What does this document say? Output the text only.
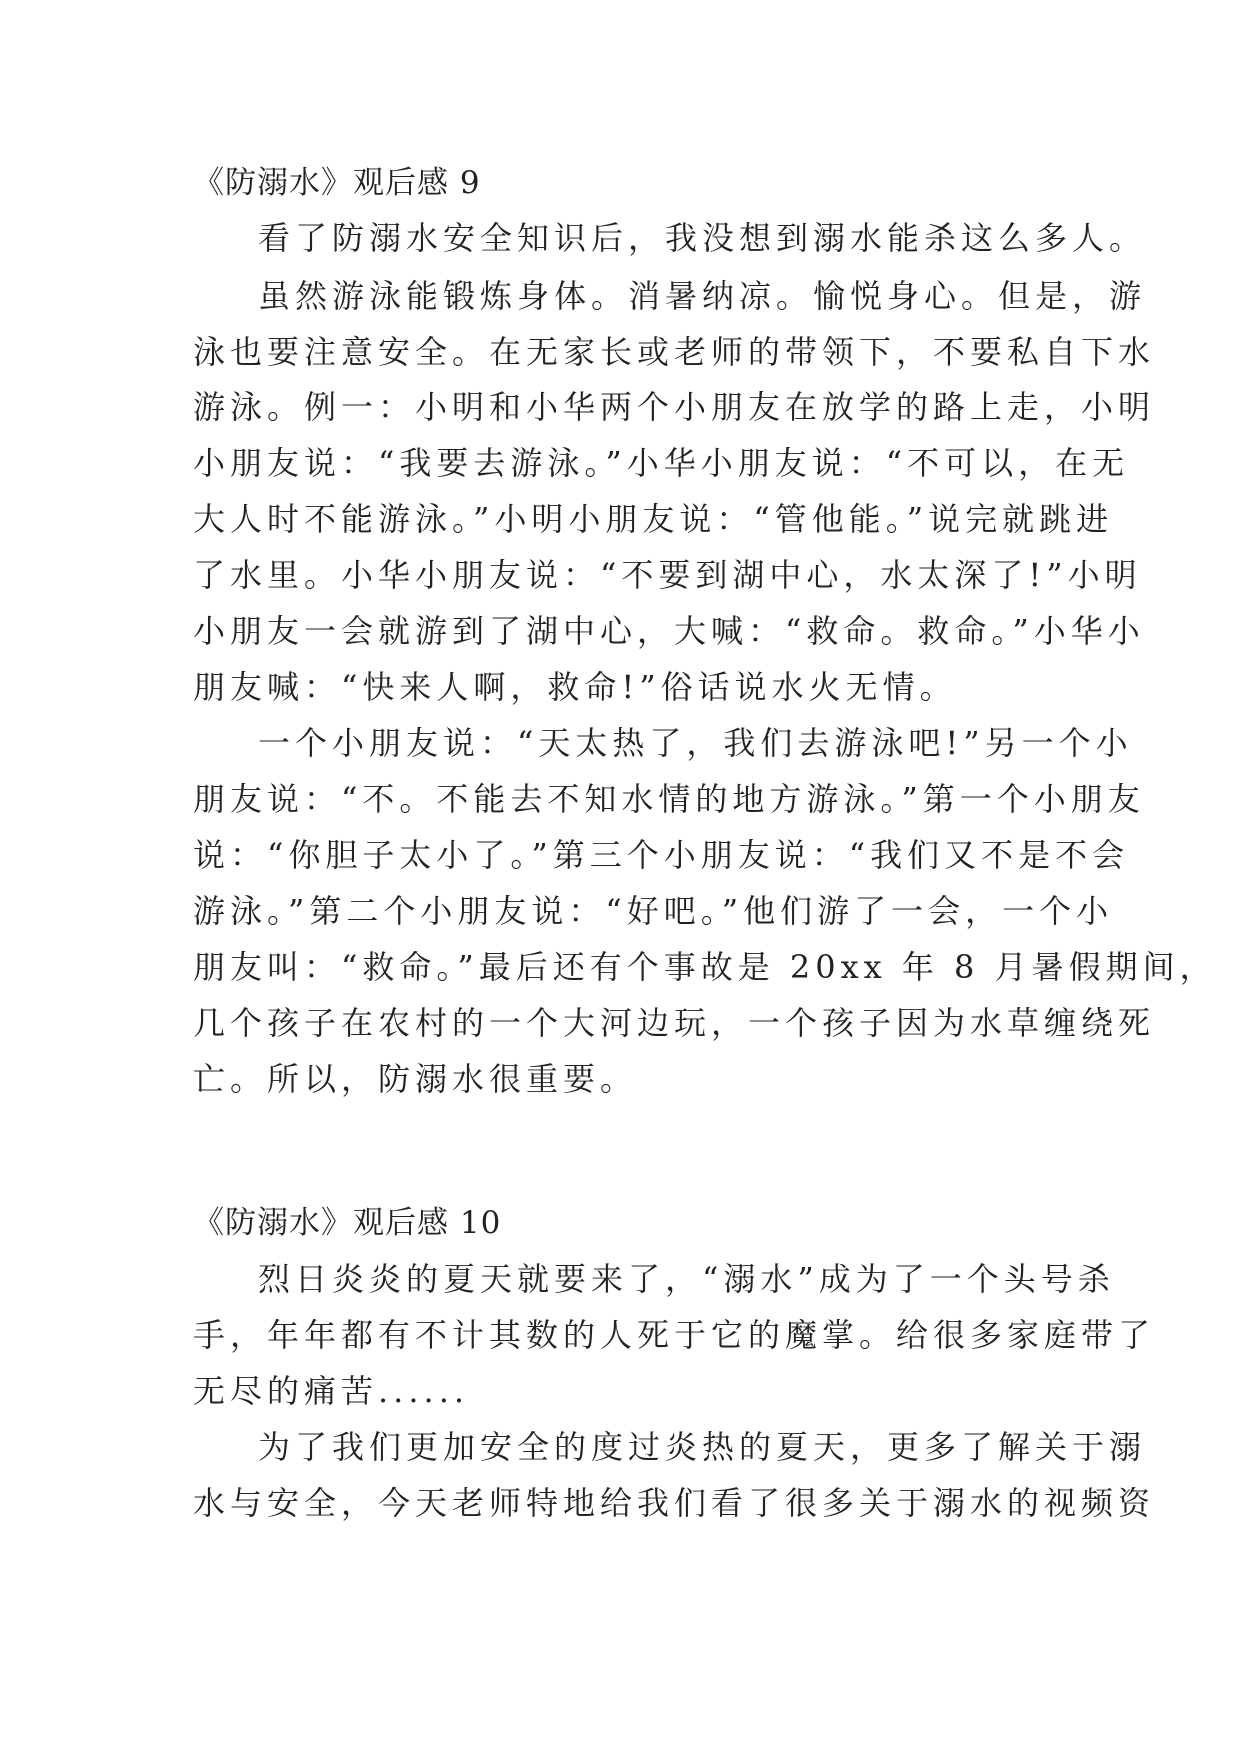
《防溺水》观后感 9
看了防溺水安全知识后，我没想到溺水能杀这么多人。
虽然游泳能锻炼身体。消暑纳凉。愉悦身心。但是，游
泳也要注意安全。在无家长或老师的带领下，不要私自下水
游泳。例一：小明和小华两个小朋友在放学的路上走，小明
小朋友说：“我要去游泳。”小华小朋友说：“不可以，在无
大人时不能游泳。”小明小朋友说：“管他能。”说完就跳进
了水里。小华小朋友说：“不要到湖中心，水太深了!”小明
小朋友一会就游到了湖中心，大喊：“救命。救命。”小华小
朋友喊：“快来人啊，救命!”俗话说水火无情。
一个小朋友说：“天太热了，我们去游泳吧!”另一个小
朋友说：“不。不能去不知水情的地方游泳。”第一个小朋友
说：“你胆子太小了。”第三个小朋友说：“我们又不是不会
游泳。”第二个小朋友说：“好吧。”他们游了一会，一个小
朋友叫：“救命。”最后还有个事故是 20xx 年 8 月暑假期间，
几个孩子在农村的一个大河边玩，一个孩子因为水草缠绕死
亡。所以，防溺水很重要。
《防溺水》观后感 10
烈日炎炎的夏天就要来了，“溺水”成为了一个头号杀
手，年年都有不计其数的人死于它的魔掌。给很多家庭带了
无尽的痛苦......
为了我们更加安全的度过炎热的夏天，更多了解关于溺
水与安全，今天老师特地给我们看了很多关于溺水的视频资
